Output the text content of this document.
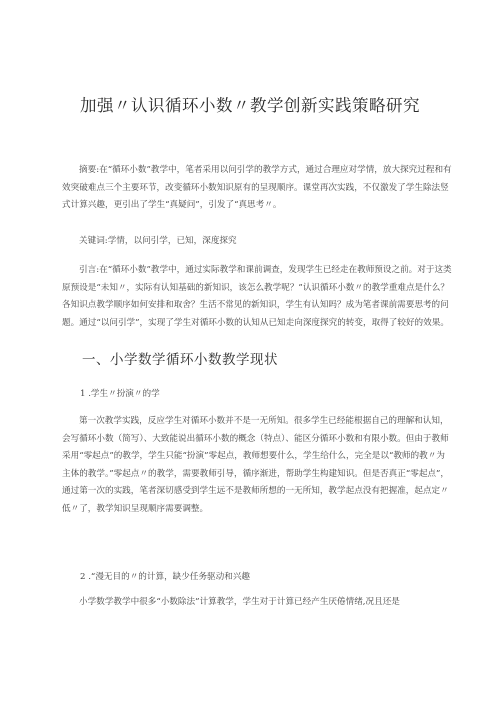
加强〃认识循环小数〃教学创新实践策略研究

摘要:在“循环小数”教学中，笔者采用以问引学的教学方式，通过合理应对学情，放大探究过程和有效突破难点三个主要环节，改变循环小数知识原有的呈现顺序。课堂再次实践，不仅激发了学生除法竖式计算兴趣，更引出了学生“真疑问”，引发了“真思考〃。

关键词:学情，以问引学，已知，深度探究

引言:在“循环小数”教学中，通过实际教学和课前调查，发现学生已经走在教师预设之前。对于这类原预设是“未知〃，实际有认知基础的新知识，该怎么教学呢？”认识循环小数〃的教学重难点是什么？各知识点教学顺序如何安排和取舍？生活不常见的新知识，学生有认知吗？成为笔者课前需要思考的问题。通过“以问引学”，实现了学生对循环小数的认知从已知走向深度探究的转变，取得了较好的效果。

一、小学数学循环小数教学现状
1 .学生〃扮演〃的学

第一次教学实践，反应学生对循环小数并不是一无所知。很多学生已经能根据自己的理解和认知，会写循环小数（简写）、大致能说出循环小数的概念（特点）、能区分循环小数和有限小数。但由于教师采用“零起点”的教学，学生只能“扮演”零起点，教师想要什么，学生给什么，完全是以“教师的教〃为主体的教学。”零起点〃的教学，需要教师引导，循序渐进，帮助学生构建知识。但是否真正“零起点”，通过第一次的实践，笔者深切感受到学生远不是教师所想的一无所知，教学起点没有把握准，起点定〃低〃了，教学知识呈现顺序需要调整。

2 .“漫无目的〃的计算，缺少任务驱动和兴趣

小学数学教学中很多“小数除法”计算教学，学生对于计算已经产生厌倦情绪,况且还是
